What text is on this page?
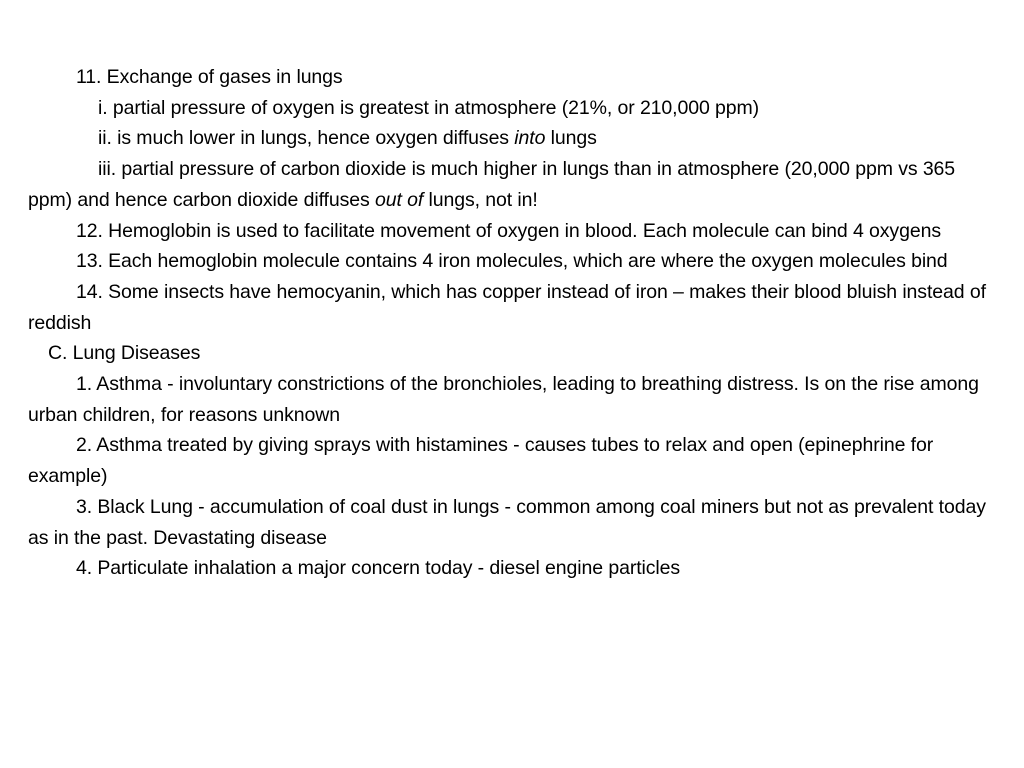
11. Exchange of gases in lungs

i. partial pressure of oxygen is greatest in atmosphere (21%, or 210,000 ppm)

ii. is much lower in lungs, hence oxygen diffuses into lungs

iii. partial pressure of carbon dioxide is much higher in lungs than in atmosphere (20,000 ppm vs 365 ppm) and hence carbon dioxide diffuses out of lungs, not in!

12. Hemoglobin is used to facilitate movement of oxygen in blood. Each molecule can bind 4 oxygens

13. Each hemoglobin molecule contains 4 iron molecules, which are where the oxygen molecules bind

14. Some insects have hemocyanin, which has copper instead of iron – makes their blood bluish instead of reddish

C. Lung Diseases

1. Asthma - involuntary constrictions of the bronchioles, leading to breathing distress. Is on the rise among urban children, for reasons unknown

2. Asthma treated by giving sprays with histamines - causes tubes to relax and open (epinephrine for example)

3. Black Lung - accumulation of coal dust in lungs - common among coal miners but not as prevalent today as in the past. Devastating disease

4. Particulate inhalation a major concern today - diesel engine particles
